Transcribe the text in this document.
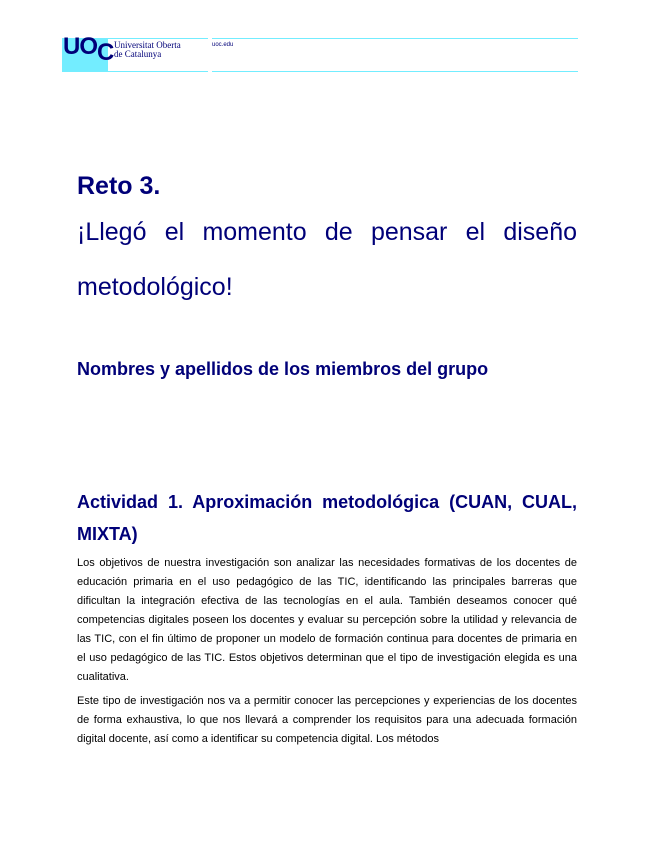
UOC Universitat Oberta
de Catalunya
uoc.edu
Reto 3.

¡Llegó el momento de pensar el diseño metodológico!

Nombres y apellidos de los miembros del grupo
Actividad 1. Aproximación metodológica (CUAN, CUAL, MIXTA)

Los objetivos de nuestra investigación son analizar las necesidades formativas de los docentes de educación primaria en el uso pedagógico de las TIC, identificando las principales barreras que dificultan la integración efectiva de las tecnologías en el aula. También deseamos conocer qué competencias digitales poseen los docentes y evaluar su percepción sobre la utilidad y relevancia de las TIC, con el fin último de proponer un modelo de formación continua para docentes de primaria en el uso pedagógico de las TIC. Estos objetivos determinan que el tipo de investigación elegida es una cualitativa.

Este tipo de investigación nos va a permitir conocer las percepciones y experiencias de los docentes de forma exhaustiva, lo que nos llevará a comprender los requisitos para una adecuada formación digital docente, así como a identificar su competencia digital. Los métodos
